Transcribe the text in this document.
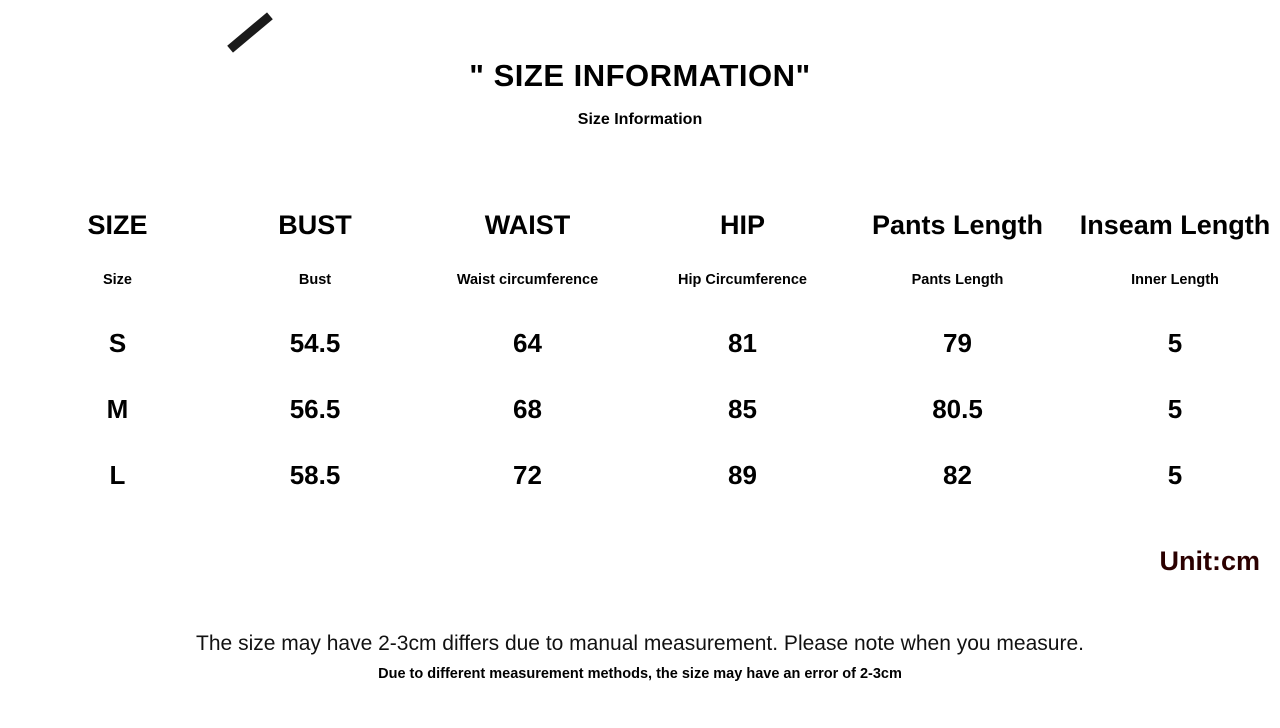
" SIZE INFORMATION"
Size Information
SIZE	BUST	WAIST	HIP	Pants Length	Inseam Length
Size	Bust	Waist circumference	Hip Circumference	Pants Length	Inner Length
S	54.5	64	81	79	5
M	56.5	68	85	80.5	5
L	58.5	72	89	82	5
Unit:cm
The size may have 2-3cm differs due to manual measurement. Please note when you measure.
Due to different measurement methods, the size may have an error of 2-3cm
